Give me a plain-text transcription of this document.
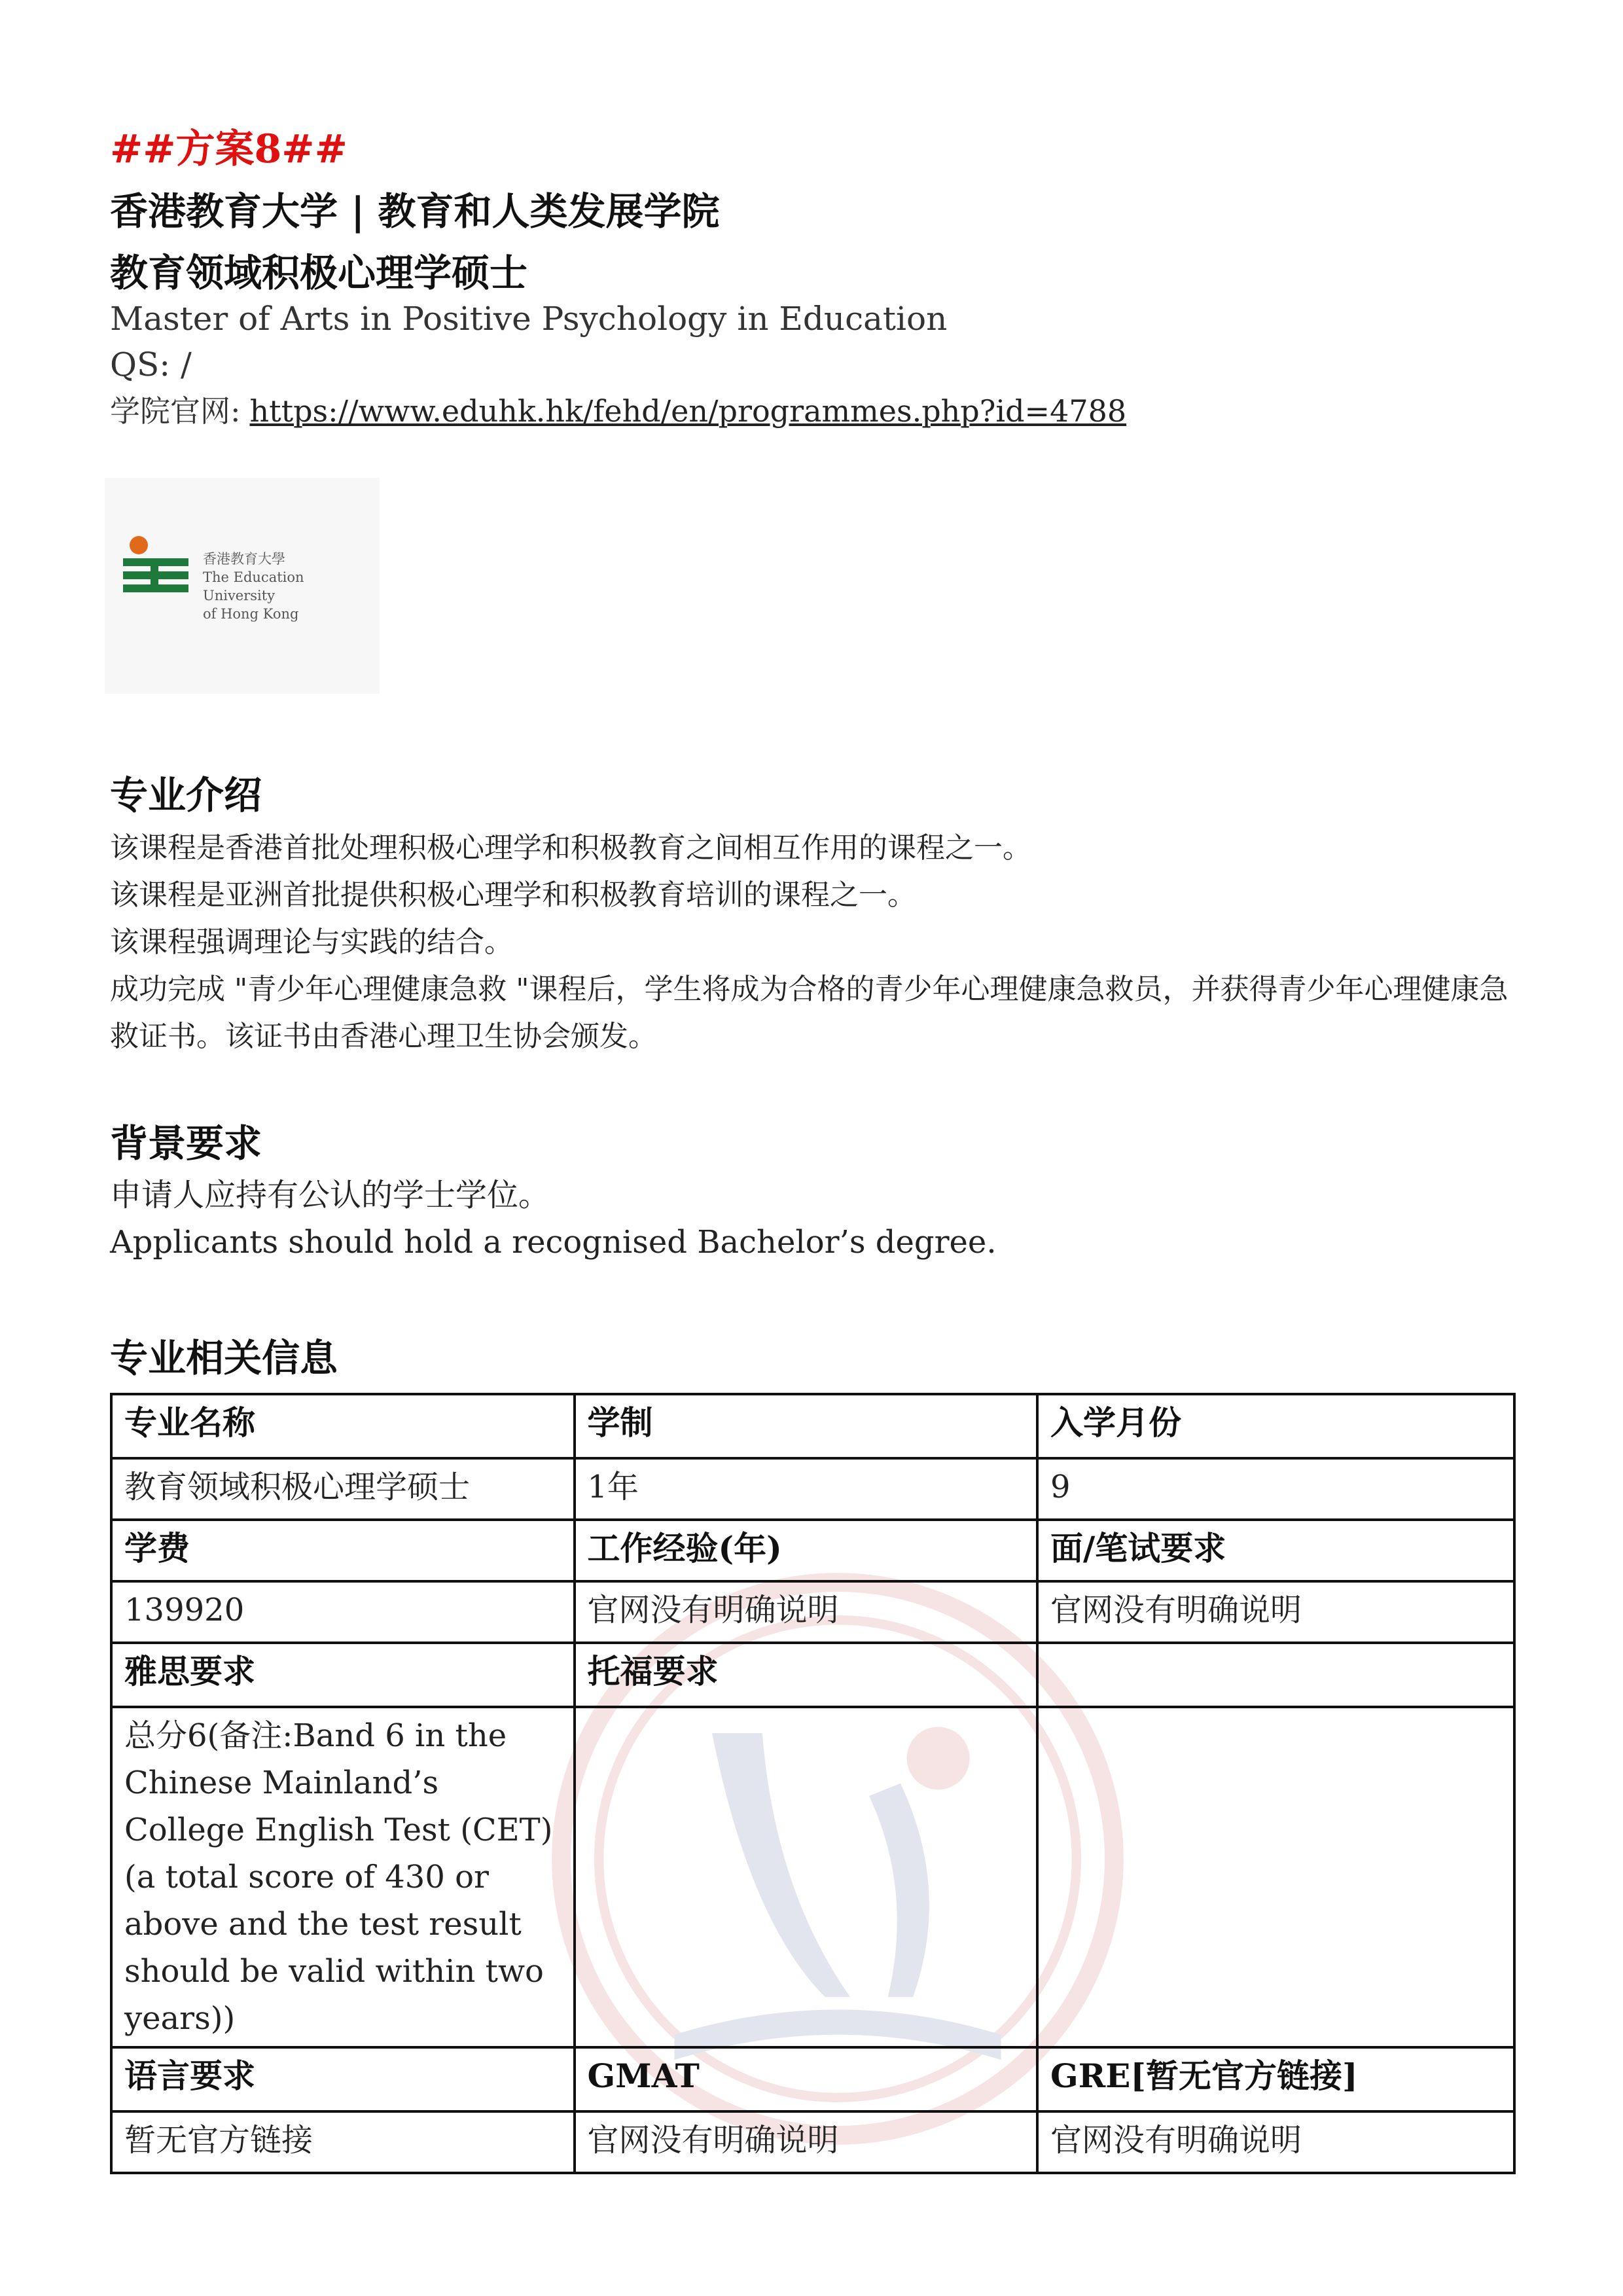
##方案8##
香港教育大学 | 教育和人类发展学院
教育领域积极心理学硕士
Master of Arts in Positive Psychology in Education
QS: /
学院官网: https://www.eduhk.hk/fehd/en/programmes.php?id=4788
香港教育大學
The Education University
of Hong Kong
专业介绍
该课程是香港首批处理积极心理学和积极教育之间相互作用的课程之一。
该课程是亚洲首批提供积极心理学和积极教育培训的课程之一。
该课程强调理论与实践的结合。
成功完成 "青少年心理健康急救 "课程后，学生将成为合格的青少年心理健康急救员，并获得青少年心理健康急救证书。该证书由香港心理卫生协会颁发。
背景要求
申请人应持有公认的学士学位。
Applicants should hold a recognised Bachelor’s degree.
专业相关信息
专业名称	学制	入学月份
教育领域积极心理学硕士	1年	9
学费	工作经验(年)	面/笔试要求
139920	官网没有明确说明	官网没有明确说明
雅思要求	托福要求	
总分6(备注:Band 6 in the Chinese Mainland’s College English Test (CET) (a total score of 430 or above and the test result should be valid within two years))		
语言要求	GMAT	GRE[暂无官方链接]
暂无官方链接	官网没有明确说明	官网没有明确说明
